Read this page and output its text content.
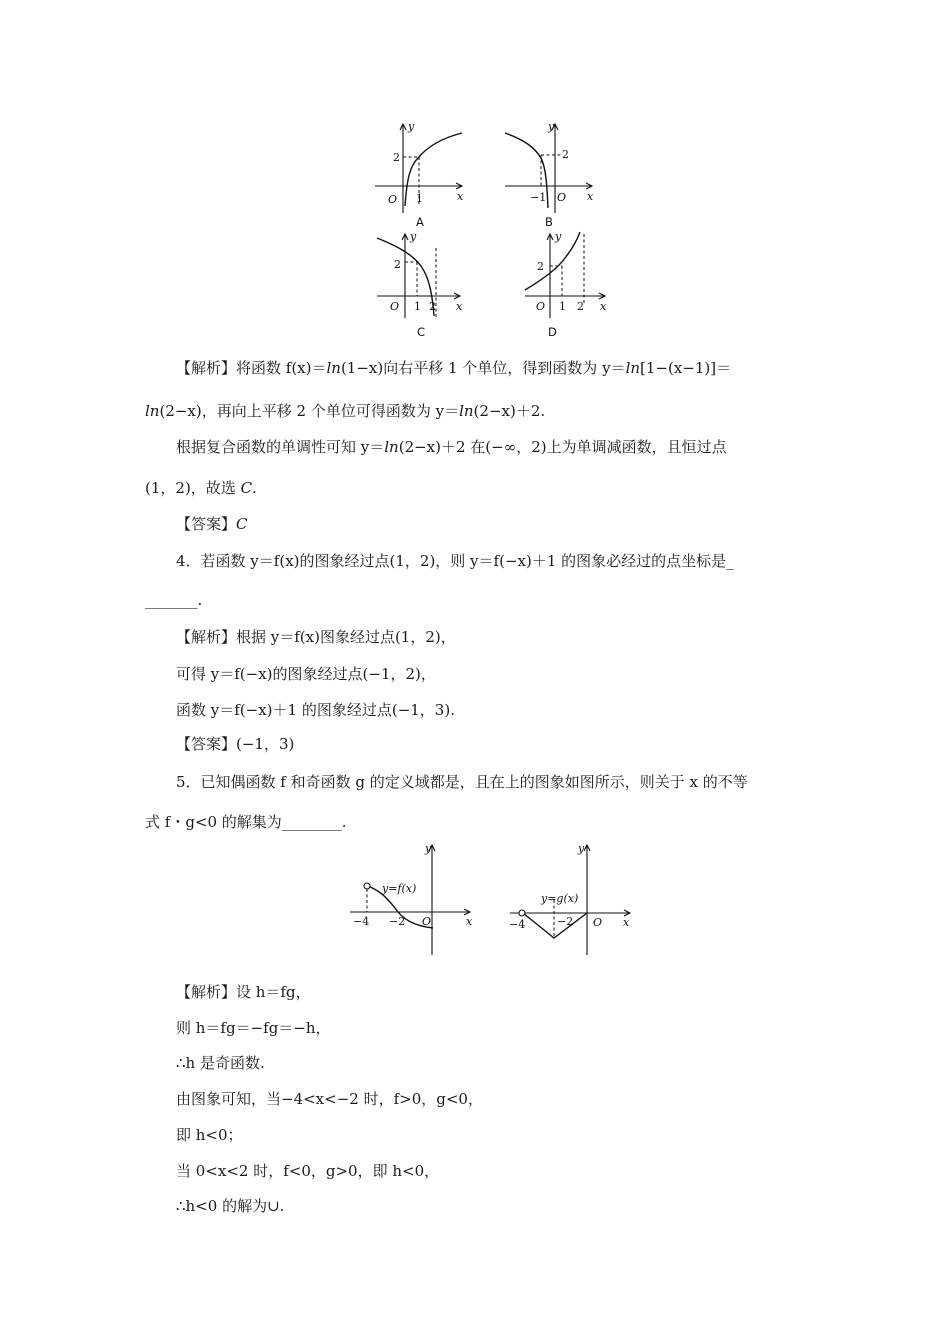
y
x
O
2
1
A
y
x
O
2
−1
B
y
x
O
2
1 2
C
y
x
O
2
1 2
D
【解析】将函数 f(x)＝ln(1−x)向右平移 1 个单位，得到函数为 y＝ln[1−(x−1)]＝
ln(2−x)，再向上平移 2 个单位可得函数为 y＝ln(2−x)＋2.
根据复合函数的单调性可知 y＝ln(2−x)＋2 在(−∞，2)上为单调减函数，且恒过点
(1，2)，故选 C.
【答案】C
4．若函数 y＝f(x)的图象经过点(1，2)，则 y＝f(−x)＋1 的图象必经过的点坐标是_
_______.
【解析】根据 y＝f(x)图象经过点(1，2)，
可得 y＝f(−x)的图象经过点(−1，2)，
函数 y＝f(−x)＋1 的图象经过点(−1，3).
【答案】(−1，3)
5．已知偶函数 f 和奇函数 g 的定义域都是，且在上的图象如图所示，则关于 x 的不等
式 f・g<0 的解集为________.
y
x
O
y=f(x)
−4 −2
y
x
O
y=g(x)
−4	−2
【解析】设 h＝fg，
则 h＝fg＝−fg＝−h，
∴h 是奇函数.
由图象可知，当−4<x<−2 时，f>0，g<0，
即 h<0；
当 0<x<2 时，f<0，g>0，即 h<0，
∴h<0 的解为∪.
